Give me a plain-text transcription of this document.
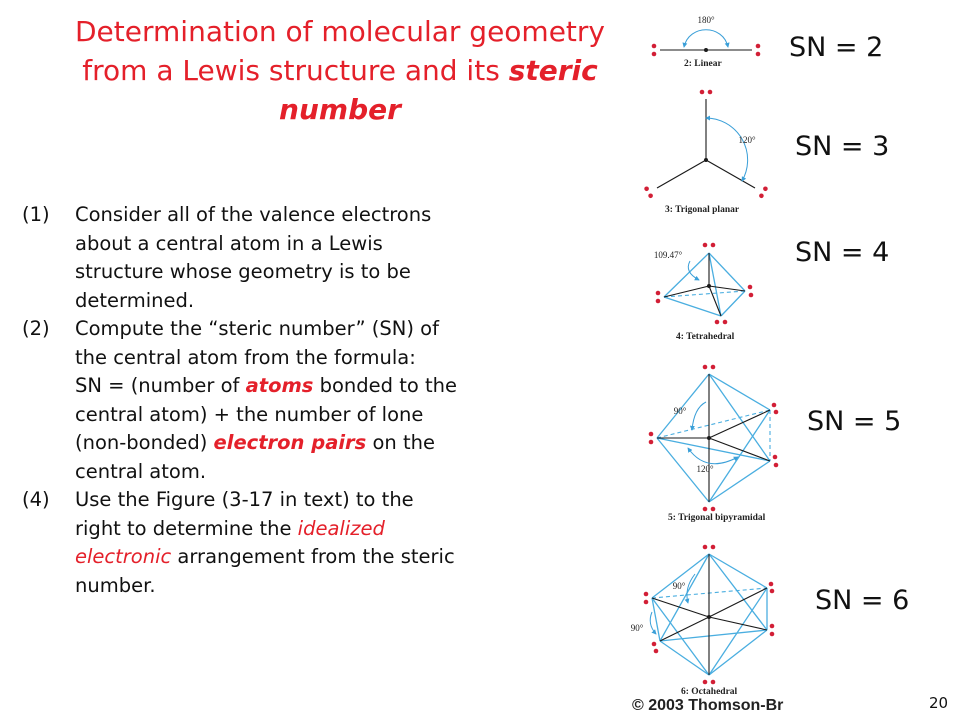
Determination of molecular geometry
from a Lewis structure and its steric
number
(1) Consider all of the valence electrons
about a central atom in a Lewis
structure whose geometry is to be
determined.
(2) Compute the “steric number” (SN) of
the central atom from the formula:
SN = (number of atoms bonded to the
central atom) + the number of lone
(non-bonded) electron pairs on the
central atom.
(4) Use the Figure (3-17 in text) to the
right to determine the idealized
electronic arrangement from the steric
number.
180°
2: Linear
120°
3: Trigonal planar
109.47°
4: Tetrahedral
90°
120°
5: Trigonal bipyramidal
90°
90°
6: Octahedral
SN = 2
SN = 3
SN = 4
SN = 5
SN = 6
© 2003 Thomson-Br	20
